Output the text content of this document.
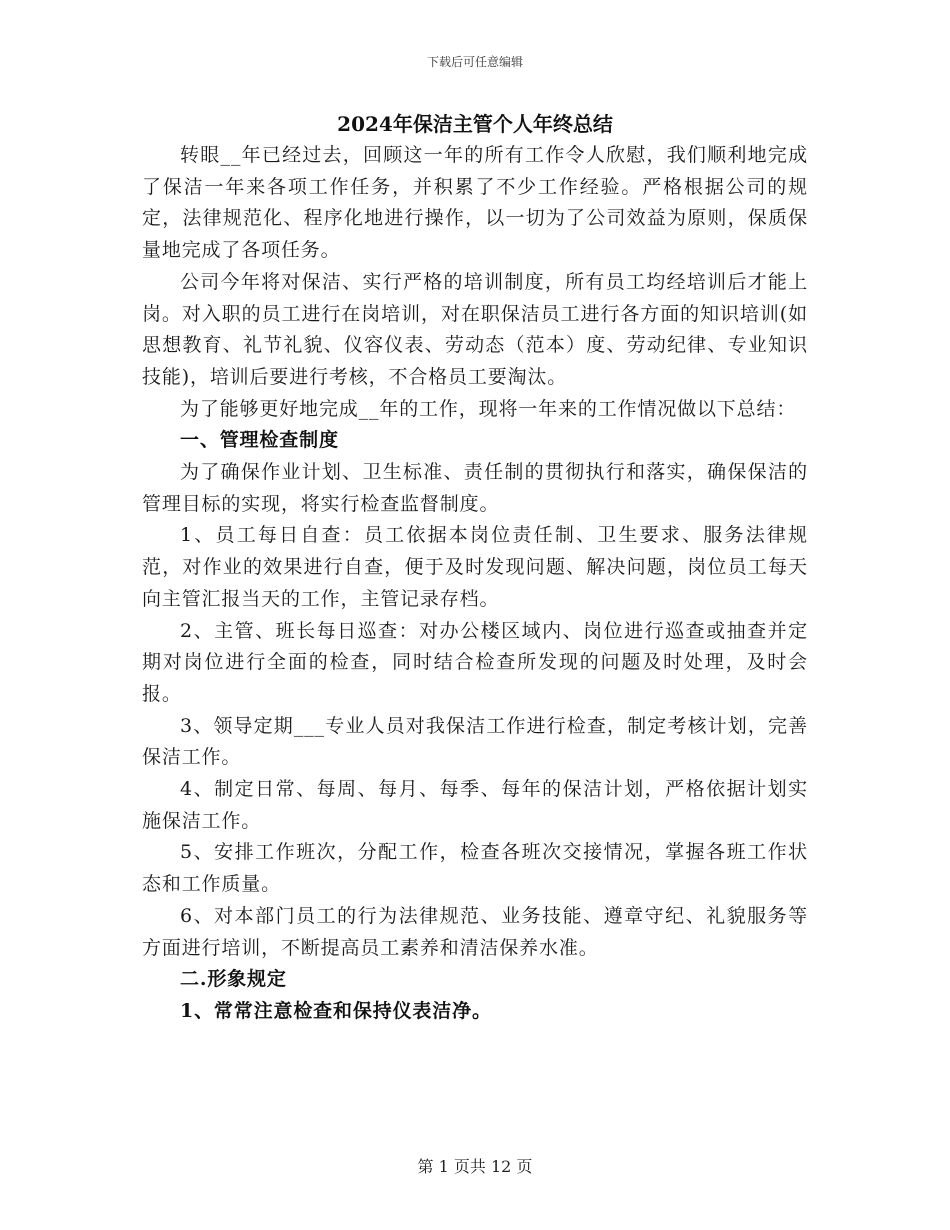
下载后可任意编辑
2024年保洁主管个人年终总结

转眼__年已经过去，回顾这一年的所有工作令人欣慰，我们顺利地完成了保洁一年来各项工作任务，并积累了不少工作经验。严格根据公司的规定，法律规范化、程序化地进行操作，以一切为了公司效益为原则，保质保量地完成了各项任务。

公司今年将对保洁、实行严格的培训制度，所有员工均经培训后才能上岗。对入职的员工进行在岗培训，对在职保洁员工进行各方面的知识培训(如思想教育、礼节礼貌、仪容仪表、劳动态（范本）度、劳动纪律、专业知识技能)，培训后要进行考核，不合格员工要淘汰。

为了能够更好地完成__年的工作，现将一年来的工作情况做以下总结：

一、管理检查制度

为了确保作业计划、卫生标准、责任制的贯彻执行和落实，确保保洁的管理目标的实现，将实行检查监督制度。

1、员工每日自查：员工依据本岗位责任制、卫生要求、服务法律规范，对作业的效果进行自查，便于及时发现问题、解决问题，岗位员工每天向主管汇报当天的工作，主管记录存档。

2、主管、班长每日巡查：对办公楼区域内、岗位进行巡查或抽查并定期对岗位进行全面的检查，同时结合检查所发现的问题及时处理，及时会报。

3、领导定期___专业人员对我保洁工作进行检查，制定考核计划，完善保洁工作。

4、制定日常、每周、每月、每季、每年的保洁计划，严格依据计划实施保洁工作。

5、安排工作班次，分配工作，检查各班次交接情况，掌握各班工作状态和工作质量。

6、对本部门员工的行为法律规范、业务技能、遵章守纪、礼貌服务等方面进行培训，不断提高员工素养和清洁保养水准。

二.形象规定

1、常常注意检查和保持仪表洁净。

第 1 页共 12 页
